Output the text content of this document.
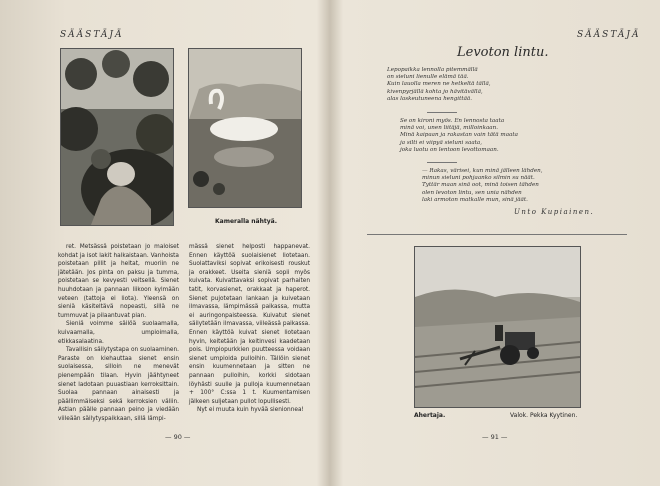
SÄÄSTÄJÄ
Kameralla nähtyä.

ret. Metsässä poistetaan jo maloiset kohdat ja isot lakit halkaistaan. Vanhoista poistetaan pillit ja heltat, muoriin ne jätetään. Jos pinta on paksu ja tumma, poistetaan se kevyesti veitsellä. Sienet huuhdotaan ja pannaan liikoon kylmään veteen (tattoja ei liota). Yleensä on sieniä käsiteltävä nopeasti, sillä ne tummuvat ja pilaantuvat pian.

Sieniä voimme säilöä suolaamalla, kuivaamalla, umpioimalla, etikkasalaatina.

Tavallisin säilytystapa on suolaaminen. Paraste on kiehauttaa sienet ensin suolaisessa, silloin ne menevät pienempään tilaan. Hyvin jäähtyneet sienet ladotaan puuastiaan kerroksittain. Suolaa pannaan ainaisesti ja päällimmäiseksi sekä kerroksien väliin. Astian päälle pannaan peino ja viedään viileään säilytyspaikkaan, sillä lämpi-

mässä sienet helposti happanevat. Ennen käyttöä suolaisienet liotetaan. Suolattaviksi sopivat erikoisesti rouskut ja orakkeet. Useita sieniä sopii myös kuivata. Kuivattavaksi sopivat parhaiten tatit, korvasienet, orakkaat ja haperot. Sienet pujotetaan lankaan ja kuivetaan ilmavassa, lämpimässä paikassa, mutta ei auringonpaisteessa. Kuivatut sienet säilytetään ilmavassa, viileässä paikassa. Ennen käyttöä kuivat sienet liotetaan hyvin, keitetään ja keitinvesi kaadetaan pois. Umpiopurkkien puutteessa voidaan sienet umpioida pulloihin. Tällöin sienet ensin kuumennetaan ja sitten ne pannaan pulloihin, korkki sidotaan löyhästi suulle ja pulloja kuumennetaan + 100° C:ssa 1 t. Kuumentamisen jälkeen suljetaan pullot lopullisesti.

Nyt ei muuta kuin hyvää sienionnea!

— 90 —
SÄÄSTÄJÄ
Levoton lintu.
Lepopaikka lennolla pitemmällä
on sieluni lienulle elämä tää.
Kuin lauolla meren ne hetkeltä tällä,
kivenpyrjällä kohta jo hävitävällä,
alas laskeutuneena hengittää.
Se on kironi myös. En lennosta taata
minä voi, unen liitäjä, milloinkaan.
Minä kaipaan ja rakastan vain tätä maata
ja silti ei viipyä sieluni saata,
joka luotu on lentoon levottomaan.
— Rakas, värisei, kun minä jälleen lähden,
minun sieluni pohjaanko silmin su näät.
Tyttär maan sinä oot, minä toisen tähden
olen levoton lintu, sen unia nähden
laki armoton matkalle mun, sinä jäät.
Unto Kupiainen.
Ahertaja.	Valok. Pekka Kyytinen.
— 91 —
